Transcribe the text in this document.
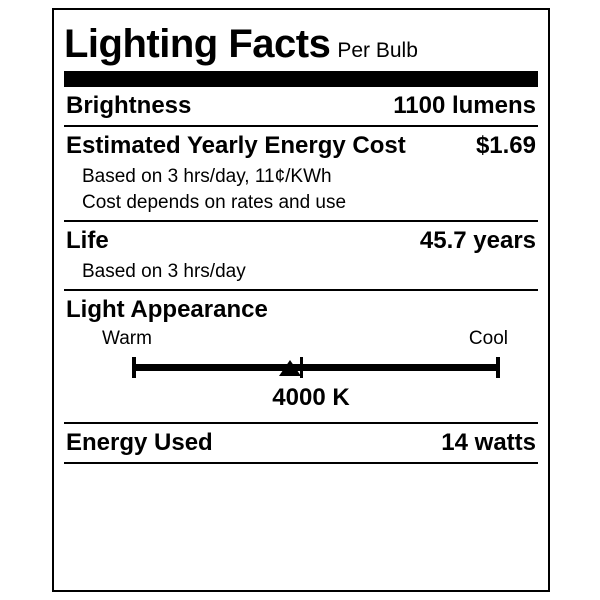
Lighting Facts Per Bulb
Brightness	1100 lumens
Estimated Yearly Energy Cost	$1.69
Based on 3 hrs/day, 11¢/KWh
Cost depends on rates and use
Life	45.7 years
Based on 3 hrs/day
Light Appearance
Warm	Cool
4000 K
Energy Used	14 watts
